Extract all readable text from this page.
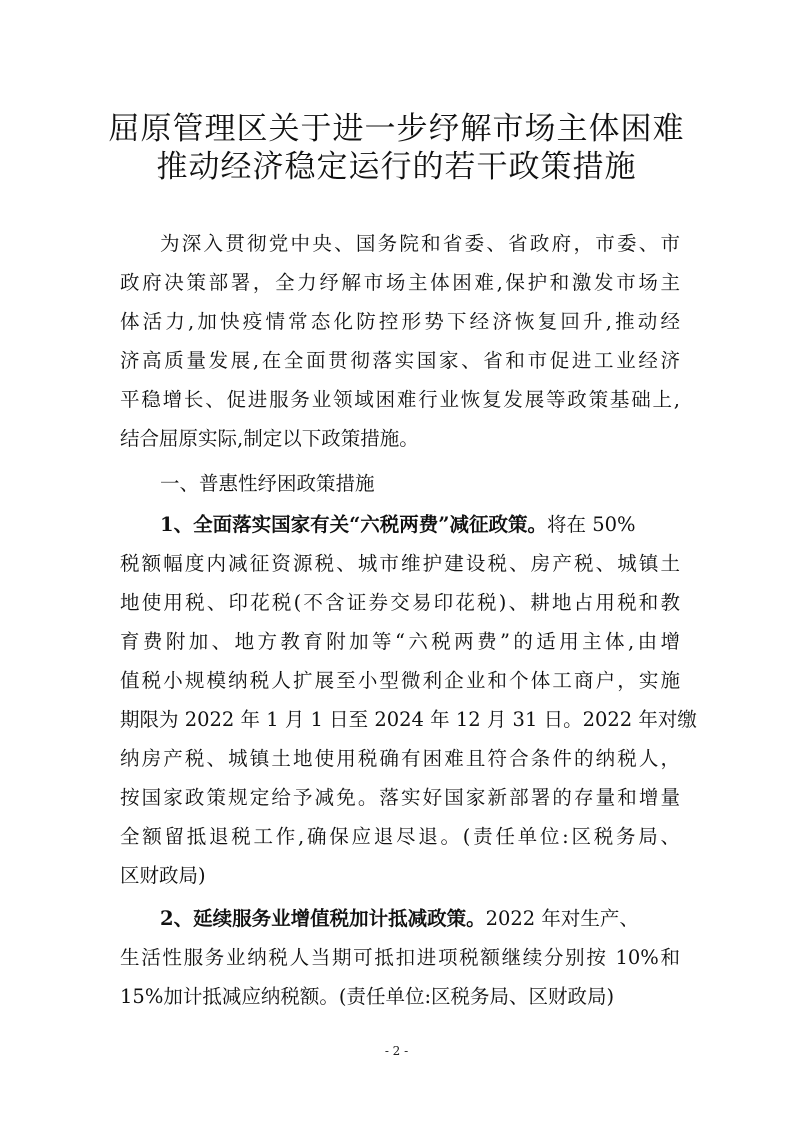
屈原管理区关于进一步纾解市场主体困难
推动经济稳定运行的若干政策措施
为深入贯彻党中央、国务院和省委、省政府，市委、市
政府决策部署，全力纾解市场主体困难,保护和激发市场主
体活力,加快疫情常态化防控形势下经济恢复回升,推动经
济高质量发展,在全面贯彻落实国家、省和市促进工业经济
平稳增长、促进服务业领域困难行业恢复发展等政策基础上,
结合屈原实际,制定以下政策措施。
一、普惠性纾困政策措施
1、全面落实国家有关“六税两费”减征政策。将在 50%
税额幅度内减征资源税、城市维护建设税、房产税、城镇土
地使用税、印花税(不含证券交易印花税)、耕地占用税和教
育费附加、地方教育附加等“六税两费”的适用主体,由增
值税小规模纳税人扩展至小型微利企业和个体工商户，实施
期限为 2022 年 1 月 1 日至 2024 年 12 月 31 日。2022 年对缴
纳房产税、城镇土地使用税确有困难且符合条件的纳税人，
按国家政策规定给予减免。落实好国家新部署的存量和增量
全额留抵退税工作,确保应退尽退。(责任单位:区税务局、
区财政局)
2、延续服务业增值税加计抵减政策。2022 年对生产、
生活性服务业纳税人当期可抵扣进项税额继续分别按 10%和
15%加计抵减应纳税额。(责任单位:区税务局、区财政局)
- 2 -
